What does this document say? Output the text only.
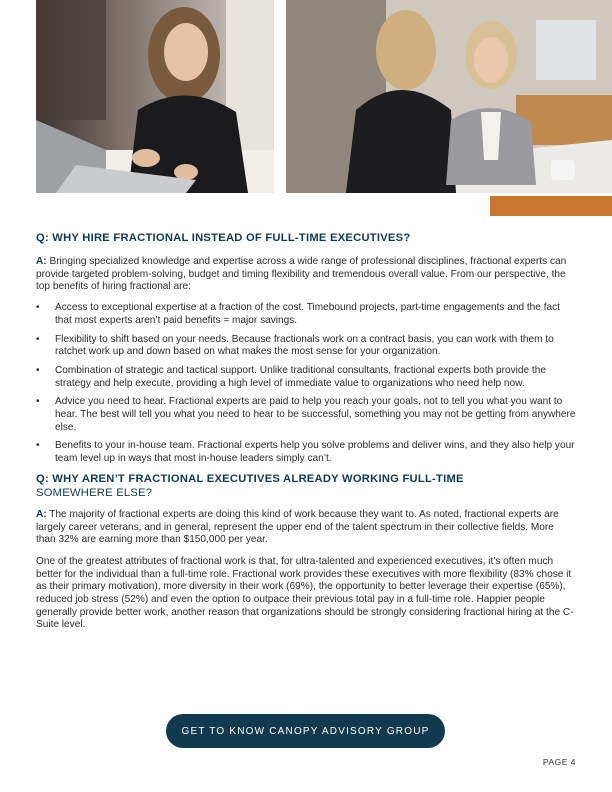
Q: WHY HIRE FRACTIONAL INSTEAD OF FULL-TIME EXECUTIVES?

A: Bringing specialized knowledge and expertise across a wide range of professional disciplines, fractional experts can provide targeted problem-solving, budget and timing flexibility and tremendous overall value. From our perspective, the top benefits of hiring fractional are:

• Access to exceptional expertise at a fraction of the cost. Timebound projects, part-time engagements and the fact that most experts aren’t paid benefits = major savings.
• Flexibility to shift based on your needs. Because fractionals work on a contract basis, you can work with them to ratchet work up and down based on what makes the most sense for your organization.
• Combination of strategic and tactical support. Unlike traditional consultants, fractional experts both provide the strategy and help execute, providing a high level of immediate value to organizations who need help now.
• Advice you need to hear. Fractional experts are paid to help you reach your goals, not to tell you what you want to hear. The best will tell you what you need to hear to be successful, something you may not be getting from anywhere else.
• Benefits to your in-house team. Fractional experts help you solve problems and deliver wins, and they also help your team level up in ways that most in-house leaders simply can’t.
Q: WHY AREN’T FRACTIONAL EXECUTIVES ALREADY WORKING FULL-TIME
SOMEWHERE ELSE?

A: The majority of fractional experts are doing this kind of work because they want to. As noted, fractional experts are largely career veterans, and in general, represent the upper end of the talent spectrum in their collective fields. More than 32% are earning more than $150,000 per year.

One of the greatest attributes of fractional work is that, for ultra-talented and experienced executives, it’s often much better for the individual than a full-time role. Fractional work provides these executives with more flexibility (83% chose it as their primary motivation), more diversity in their work (69%), the opportunity to better leverage their expertise (65%), reduced job stress (52%) and even the option to outpace their previous total pay in a full-time role. Happier people generally provide better work, another reason that organizations should be strongly considering fractional hiring at the C-Suite level.

GET TO KNOW CANOPY ADVISORY GROUP
PAGE 4
